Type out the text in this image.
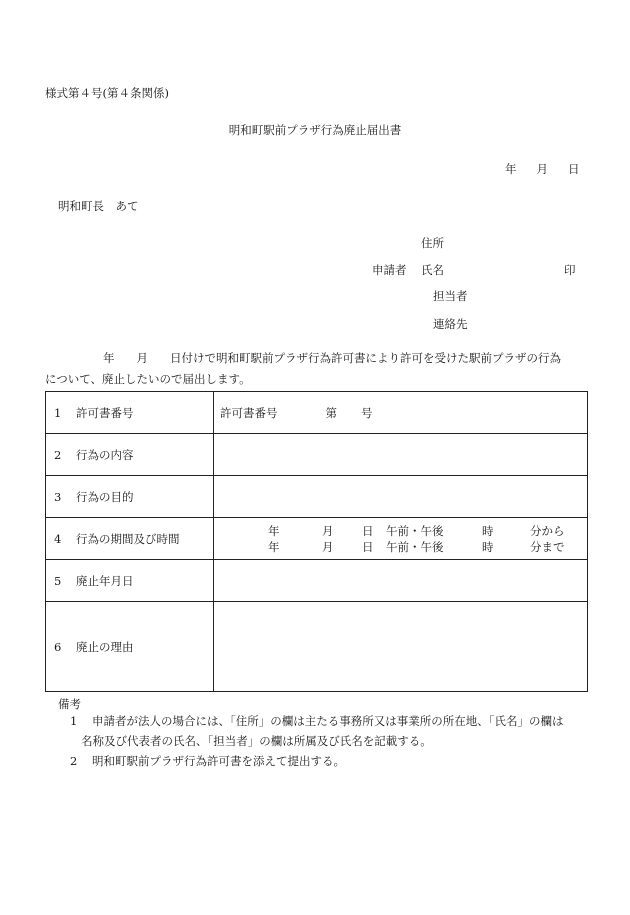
様式第４号(第４条関係)
明和町駅前プラザ行為廃止届出書
年 月 日
明和町長　あて
住所
申請者 氏名	印
担当者
連絡先
年 月 日付けで明和町駅前プラザ行為許可書により許可を受けた駅前プラザの行為
について、廃止したいので届出します。
1 許可書番号	許可書番号 第 号
2 行為の内容	
3 行為の目的	
4 行為の期間及び時間	年 月 日 午前・午後 時 分から
年 月 日 午前・午後 時 分まで

5 廃止年月日	
6 廃止の理由	
備考
1 申請者が法人の場合には、「住所」の欄は主たる事務所又は事業所の所在地、「氏名」の欄は
名称及び代表者の氏名、「担当者」の欄は所属及び氏名を記載する。
2 明和町駅前プラザ行為許可書を添えて提出する。
